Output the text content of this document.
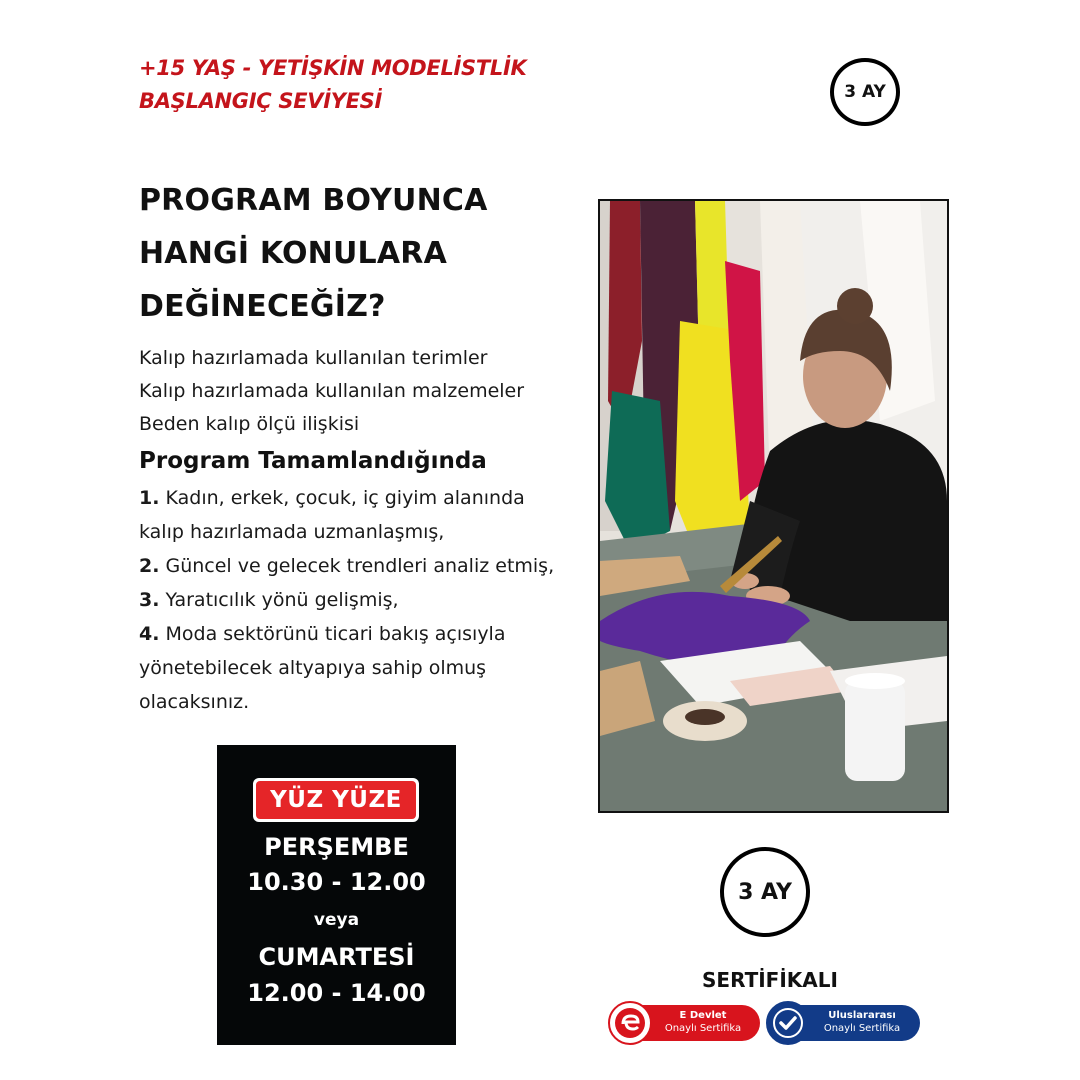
+15 YAŞ - YETİŞKİN MODELİSTLİK
BAŞLANGIÇ SEVİYESİ	3 AY
PROGRAM BOYUNCA
HANGİ KONULARA
DEĞİNECEĞİZ?
Kalıp hazırlamada kullanılan terimler
Kalıp hazırlamada kullanılan malzemeler
Beden kalıp ölçü ilişkisi
Program Tamamlandığında
1. Kadın, erkek, çocuk, iç giyim alanında
kalıp hazırlamada uzmanlaşmış,
2. Güncel ve gelecek trendleri analiz etmiş,
3. Yaratıcılık yönü gelişmiş,
4. Moda sektörünü ticari bakış açısıyla
yönetebilecek altyapıya sahip olmuş
olacaksınız.
YÜZ YÜZE
PERŞEMBE
10.30 - 12.00
veya
CUMARTESİ
12.00 - 14.00
3 AY
SERTİFİKALI
E Devlet
Onaylı Sertifika
Uluslararası
Onaylı Sertifika
